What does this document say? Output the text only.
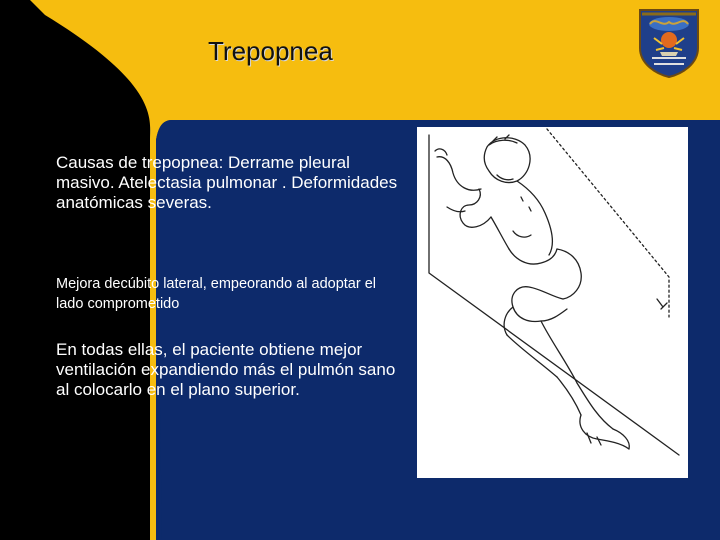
Trepopnea
Causas de trepopnea: Derrame pleural masivo. Atelectasia pulmonar . Deformidades anatómicas severas.
Mejora decúbito lateral, empeorando al adoptar el lado comprometido
En todas ellas, el paciente obtiene mejor ventilación expandiendo más el pulmón sano al colocarlo en el plano superior.
